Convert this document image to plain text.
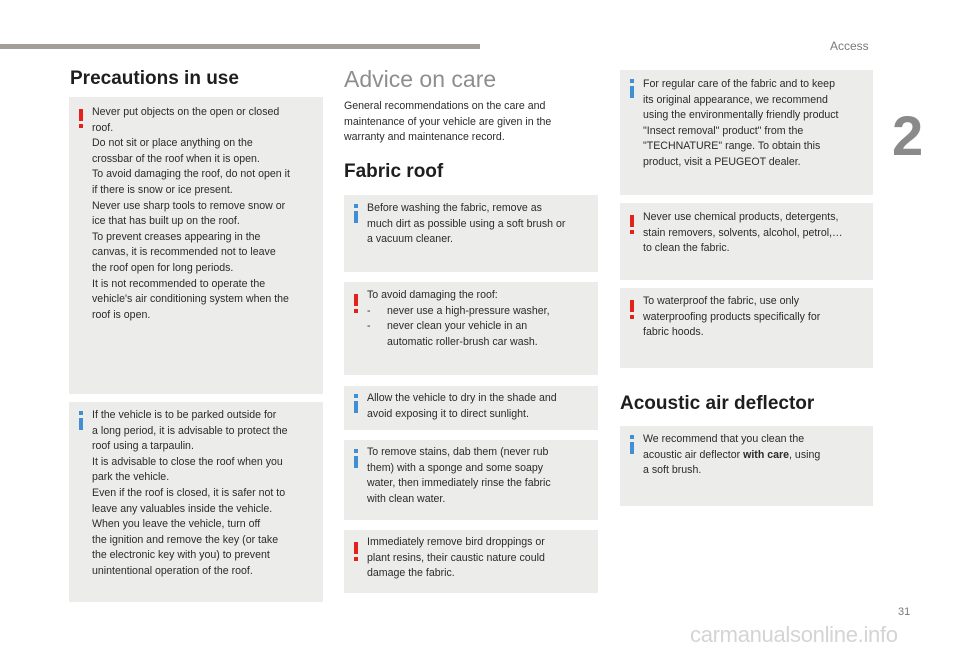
Access
2
Precautions in use
Never put objects on the open or closed
roof.
Do not sit or place anything on the
crossbar of the roof when it is open.
To avoid damaging the roof, do not open it
if there is snow or ice present.
Never use sharp tools to remove snow or
ice that has built up on the roof.
To prevent creases appearing in the
canvas, it is recommended not to leave
the roof open for long periods.
It is not recommended to operate the
vehicle's air conditioning system when the
roof is open.
If the vehicle is to be parked outside for
a long period, it is advisable to protect the
roof using a tarpaulin.
It is advisable to close the roof when you
park the vehicle.
Even if the roof is closed, it is safer not to
leave any valuables inside the vehicle.
When you leave the vehicle, turn off
the ignition and remove the key (or take
the electronic key with you) to prevent
unintentional operation of the roof.
Advice on care
General recommendations on the care and
maintenance of your vehicle are given in the
warranty and maintenance record.
Fabric roof
Before washing the fabric, remove as
much dirt as possible using a soft brush or
a vacuum cleaner.
To avoid damaging the roof:
-	never use a high-pressure washer,
-	never clean your vehicle in an
automatic roller-brush car wash.
Allow the vehicle to dry in the shade and
avoid exposing it to direct sunlight.
To remove stains, dab them (never rub
them) with a sponge and some soapy
water, then immediately rinse the fabric
with clean water.
Immediately remove bird droppings or
plant resins, their caustic nature could
damage the fabric.
For regular care of the fabric and to keep
its original appearance, we recommend
using the environmentally friendly product
"Insect removal" product" from the
"TECHNATURE" range. To obtain this
product, visit a PEUGEOT dealer.
Never use chemical products, detergents,
stain removers, solvents, alcohol, petrol,…
to clean the fabric.
To waterproof the fabric, use only
waterproofing products specifically for
fabric hoods.
Acoustic air deflector
We recommend that you clean the
acoustic air deflector with care, using
a soft brush.
31
carmanualsonline.info
